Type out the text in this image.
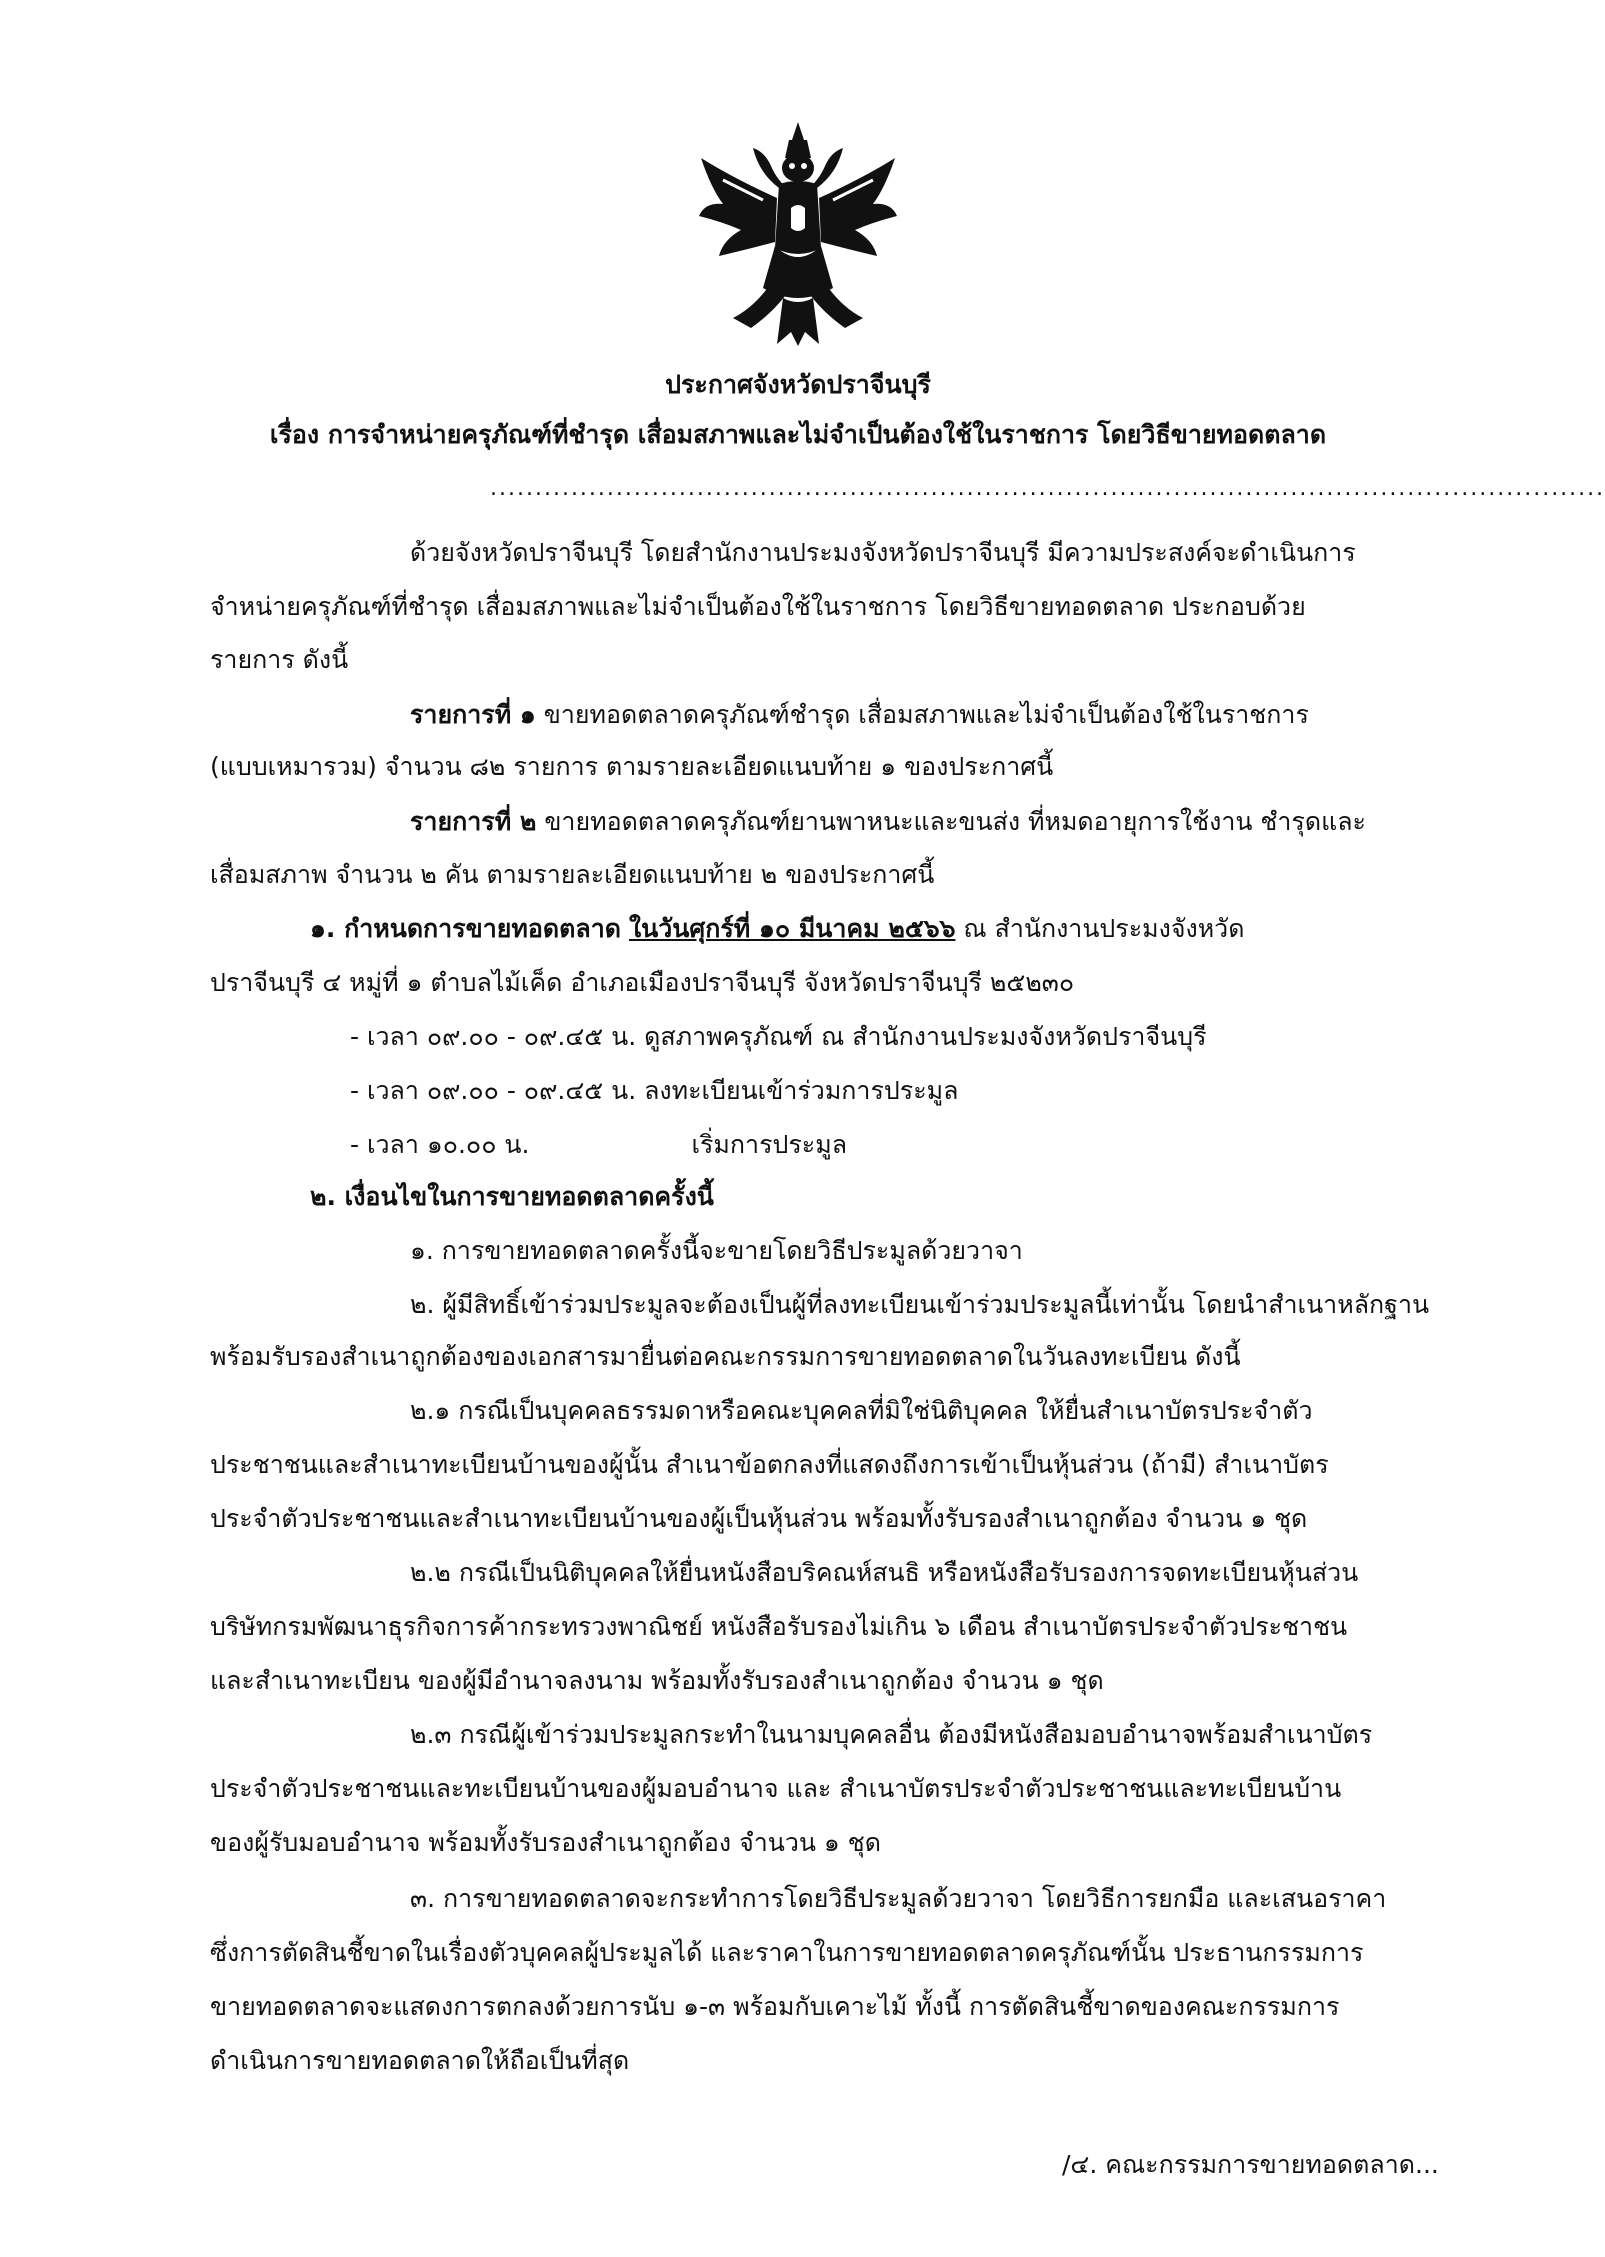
ประกาศจังหวัดปราจีนบุรี
เรื่อง การจำหน่ายครุภัณฑ์ที่ชำรุด เสื่อมสภาพและไม่จำเป็นต้องใช้ในราชการ โดยวิธีขายทอดตลาด
............................................................................................................................
ด้วยจังหวัดปราจีนบุรี โดยสำนักงานประมงจังหวัดปราจีนบุรี มีความประสงค์จะดำเนินการ
จำหน่ายครุภัณฑ์ที่ชำรุด เสื่อมสภาพและไม่จำเป็นต้องใช้ในราชการ โดยวิธีขายทอดตลาด ประกอบด้วย
รายการ ดังนี้
รายการที่ ๑ ขายทอดตลาดครุภัณฑ์ชำรุด เสื่อมสภาพและไม่จำเป็นต้องใช้ในราชการ
(แบบเหมารวม) จำนวน ๘๒ รายการ ตามรายละเอียดแนบท้าย ๑ ของประกาศนี้
รายการที่ ๒ ขายทอดตลาดครุภัณฑ์ยานพาหนะและขนส่ง ที่หมดอายุการใช้งาน ชำรุดและ
เสื่อมสภาพ จำนวน ๒ คัน ตามรายละเอียดแนบท้าย ๒ ของประกาศนี้
๑. กำหนดการขายทอดตลาด ในวันศุกร์ที่ ๑๐ มีนาคม ๒๕๖๖ ณ สำนักงานประมงจังหวัด
ปราจีนบุรี ๔ หมู่ที่ ๑ ตำบลไม้เค็ด อำเภอเมืองปราจีนบุรี จังหวัดปราจีนบุรี ๒๕๒๓๐
- เวลา ๐๙.๐๐ - ๐๙.๔๕ น. ดูสภาพครุภัณฑ์ ณ สำนักงานประมงจังหวัดปราจีนบุรี
- เวลา ๐๙.๐๐ - ๐๙.๔๕ น. ลงทะเบียนเข้าร่วมการประมูล
- เวลา ๑๐.๐๐ น.	เริ่มการประมูล
๒. เงื่อนไขในการขายทอดตลาดครั้งนี้
๑. การขายทอดตลาดครั้งนี้จะขายโดยวิธีประมูลด้วยวาจา
๒. ผู้มีสิทธิ์เข้าร่วมประมูลจะต้องเป็นผู้ที่ลงทะเบียนเข้าร่วมประมูลนี้เท่านั้น โดยนำสำเนาหลักฐาน
พร้อมรับรองสำเนาถูกต้องของเอกสารมายื่นต่อคณะกรรมการขายทอดตลาดในวันลงทะเบียน ดังนี้
๒.๑ กรณีเป็นบุคคลธรรมดาหรือคณะบุคคลที่มิใช่นิติบุคคล ให้ยื่นสำเนาบัตรประจำตัว
ประชาชนและสำเนาทะเบียนบ้านของผู้นั้น สำเนาข้อตกลงที่แสดงถึงการเข้าเป็นหุ้นส่วน (ถ้ามี) สำเนาบัตร
ประจำตัวประชาชนและสำเนาทะเบียนบ้านของผู้เป็นหุ้นส่วน พร้อมทั้งรับรองสำเนาถูกต้อง จำนวน ๑ ชุด
๒.๒ กรณีเป็นนิติบุคคลให้ยื่นหนังสือบริคณห์สนธิ หรือหนังสือรับรองการจดทะเบียนหุ้นส่วน
บริษัทกรมพัฒนาธุรกิจการค้ากระทรวงพาณิชย์ หนังสือรับรองไม่เกิน ๖ เดือน สำเนาบัตรประจำตัวประชาชน
และสำเนาทะเบียน ของผู้มีอำนาจลงนาม พร้อมทั้งรับรองสำเนาถูกต้อง จำนวน ๑ ชุด
๒.๓ กรณีผู้เข้าร่วมประมูลกระทำในนามบุคคลอื่น ต้องมีหนังสือมอบอำนาจพร้อมสำเนาบัตร
ประจำตัวประชาชนและทะเบียนบ้านของผู้มอบอำนาจ และ สำเนาบัตรประจำตัวประชาชนและทะเบียนบ้าน
ของผู้รับมอบอำนาจ พร้อมทั้งรับรองสำเนาถูกต้อง จำนวน ๑ ชุด
๓. การขายทอดตลาดจะกระทำการโดยวิธีประมูลด้วยวาจา โดยวิธีการยกมือ และเสนอราคา
ซึ่งการตัดสินชี้ขาดในเรื่องตัวบุคคลผู้ประมูลได้ และราคาในการขายทอดตลาดครุภัณฑ์นั้น ประธานกรรมการ
ขายทอดตลาดจะแสดงการตกลงด้วยการนับ ๑-๓ พร้อมกับเคาะไม้ ทั้งนี้ การตัดสินชี้ขาดของคณะกรรมการ
ดำเนินการขายทอดตลาดให้ถือเป็นที่สุด
/๔. คณะกรรมการขายทอดตลาด...
